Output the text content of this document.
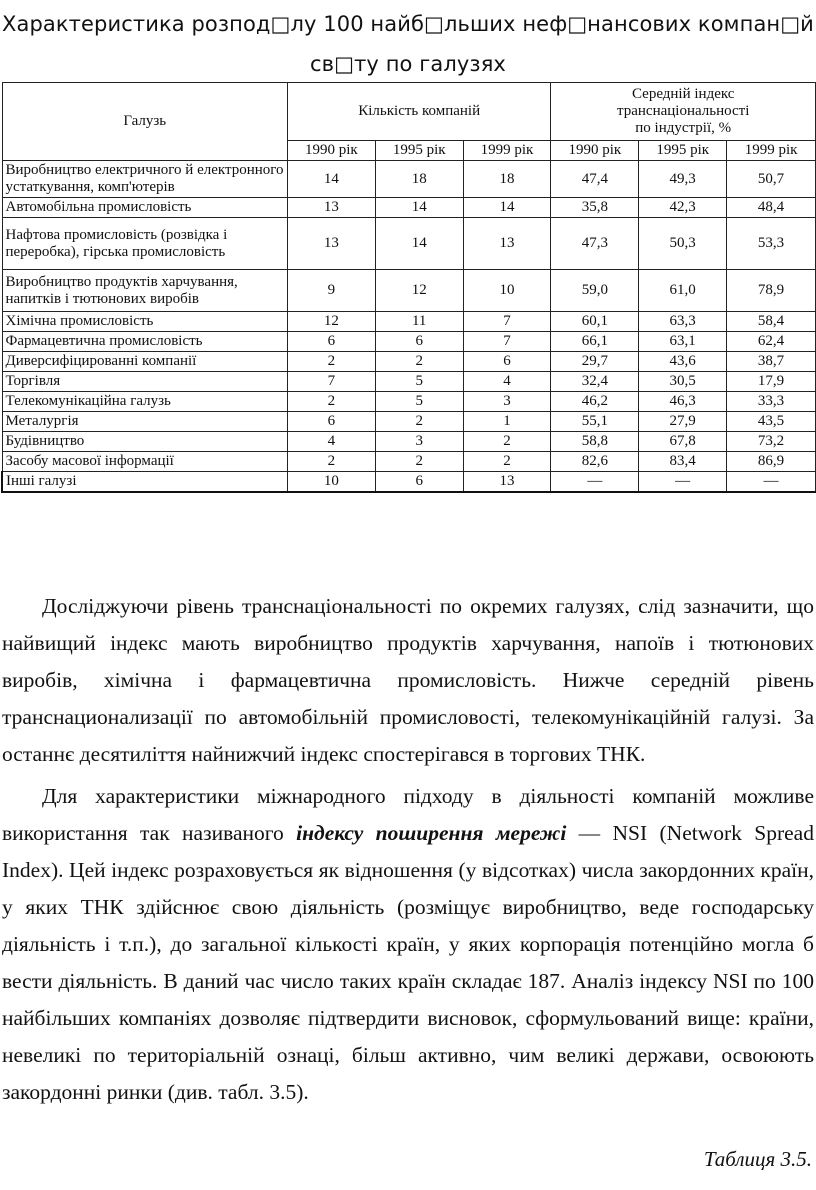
Характеристика розпод□лу 100 найб□льших неф□нансових компан□й
св□ту по галузях
Галузь	Кількість компаній			Середній індекс
транснаціональності
по індустрії, %		

	1990 рік	1995 рік	1999 рік	1990 рік	1995 рік	1999 рік
Виробництво електричного й електронного устаткування, комп'ютерів	14	18	18	47,4	49,3	50,7
Автомобільна промисловість	13	14	14	35,8	42,3	48,4
Нафтова промисловість (розвідка і переробка), гірська промисловість	13	14	13	47,3	50,3	53,3
Виробництво продуктів харчування, напитків і тютюнових виробів	9	12	10	59,0	61,0	78,9
Хімічна промисловість	12	11	7	60,1	63,3	58,4
Фармацевтична промисловість	6	6	7	66,1	63,1	62,4
Диверсифіцированні компанії	2	2	6	29,7	43,6	38,7
Торгівля	7	5	4	32,4	30,5	17,9
Телекомунікаційна галузь	2	5	3	46,2	46,3	33,3
Металургія	6	2	1	55,1	27,9	43,5
Будівництво	4	3	2	58,8	67,8	73,2
Засобу масової інформації	2	2	2	82,6	83,4	86,9
Інші галузі	10	6	13	—	—	—

Досліджуючи рівень транснаціональності по окремих галузях, слід зазначити, що найвищий індекс мають виробництво продуктів харчування, напоїв і тютюнових виробів, хімічна і фармацевтична промисловість. Нижче середній рівень транснационализації по автомобільній промисловості, телекомунікаційній галузі. За останнє десятиліття найнижчий індекс спостерігався в торгових ТНК.

Для характеристики міжнародного підходу в діяльності компаній можливе використання так називаного індексу поширення мережі — NSI (Network Spread Index). Цей індекс розраховується як відношення (у відсотках) числа закордонних країн, у яких ТНК здійснює свою діяльність (розміщує виробництво, веде господарську діяльність і т.п.), до загальної кількості країн, у яких корпорація потенційно могла б вести діяльність. В даний час число таких країн складає 187. Аналіз індексу NSI по 100 найбільших компаніях дозволяє підтвердити висновок, сформульований вище: країни, невеликі по територіальній ознаці, більш активно, чим великі держави, освоюють закордонні ринки (див. табл. 3.5).

Таблиця 3.5.
